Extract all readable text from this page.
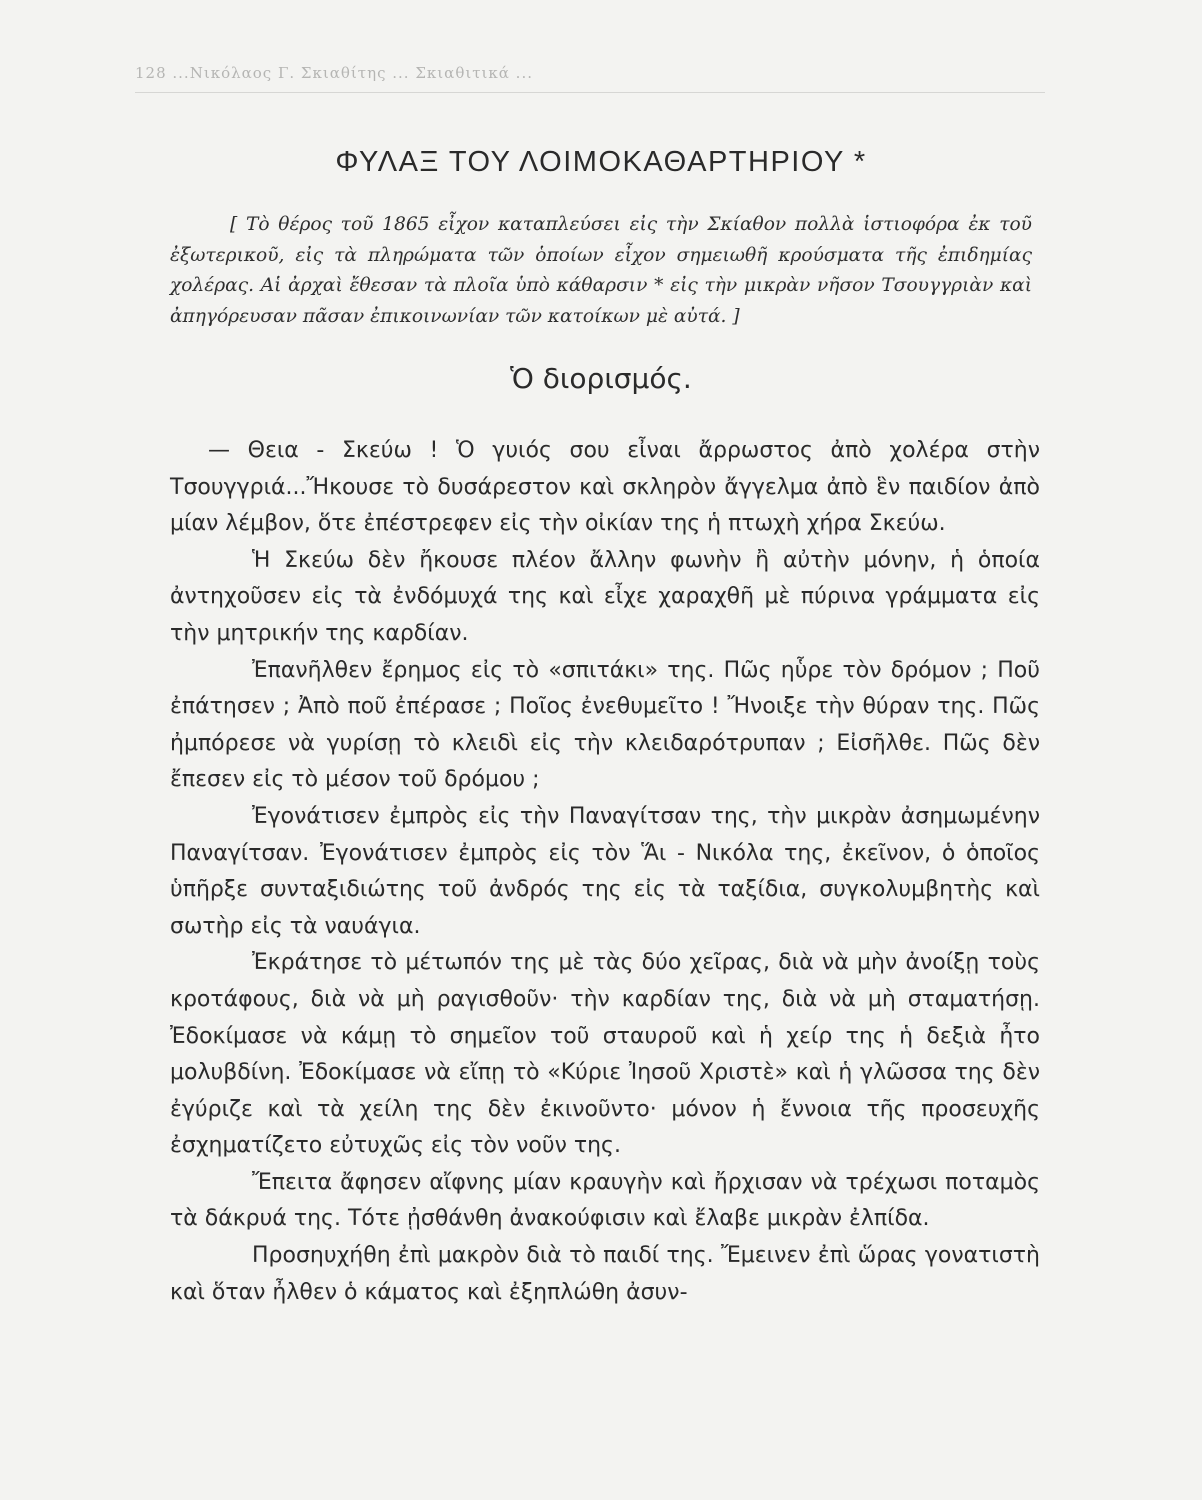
128 ...Νικόλαος Γ. Σκιαθίτης ... Σκιαθιτικά ...
ΦΥΛΑΞ ΤΟΥ ΛΟΙΜΟΚΑΘΑΡΤΗΡΙΟΥ *
[ Τὸ θέρος τοῦ 1865 εἶχον καταπλεύσει εἰς τὴν Σκίαθον πολλὰ ἱστιοφόρα ἐκ τοῦ ἐξωτερικοῦ, εἰς τὰ πληρώματα τῶν ὁποίων εἶχον σημειωθῆ κρούσματα τῆς ἐπιδημίας χολέρας. Αἱ ἀρχαὶ ἔθεσαν τὰ πλοῖα ὑπὸ κάθαρσιν * εἰς τὴν μικρὰν νῆσον Τσουγγριὰν καὶ ἀπηγόρευσαν πᾶσαν ἐπικοινωνίαν τῶν κατοίκων μὲ αὐτά. ]
Ὁ διορισμός.

— Θεια - Σκεύω ! Ὁ γυιός σου εἶναι ἄρρωστος ἀπὸ χολέρα στὴν Τσουγγριά...Ἤκουσε τὸ δυσάρεστον καὶ σκληρὸν ἄγγελμα ἀπὸ ἓν παιδίον ἀπὸ μίαν λέμβον, ὅτε ἐπέστρεφεν εἰς τὴν οἰκίαν της ἡ πτωχὴ χήρα Σκεύω.

Ἡ Σκεύω δὲν ἤκουσε πλέον ἄλλην φωνὴν ἢ αὐτὴν μόνην, ἡ ὁποία ἀντηχοῦσεν εἰς τὰ ἐνδόμυχά της καὶ εἶχε χαραχθῆ μὲ πύρινα γράμματα εἰς τὴν μητρικήν της καρδίαν.

Ἐπανῆλθεν ἔρημος εἰς τὸ «σπιτάκι» της. Πῶς ηὗρε τὸν δρόμον ; Ποῦ ἐπάτησεν ; Ἀπὸ ποῦ ἐπέρασε ; Ποῖος ἐνεθυμεῖτο ! Ἤνοιξε τὴν θύραν της. Πῶς ἠμπόρεσε νὰ γυρίσῃ τὸ κλειδὶ εἰς τὴν κλειδαρότρυπαν ; Εἰσῆλθε. Πῶς δὲν ἔπεσεν εἰς τὸ μέσον τοῦ δρόμου ;

Ἐγονάτισεν ἐμπρὸς εἰς τὴν Παναγίτσαν της, τὴν μικρὰν ἀσημωμένην Παναγίτσαν. Ἐγονάτισεν ἐμπρὸς εἰς τὸν Ἅι - Νικόλα της, ἐκεῖνον, ὁ ὁποῖος ὑπῆρξε συνταξιδιώτης τοῦ ἀνδρός της εἰς τὰ ταξίδια, συγκολυμβητὴς καὶ σωτὴρ εἰς τὰ ναυάγια.

Ἐκράτησε τὸ μέτωπόν της μὲ τὰς δύο χεῖρας, διὰ νὰ μὴν ἀνοίξῃ τοὺς κροτάφους, διὰ νὰ μὴ ραγισθοῦν· τὴν καρδίαν της, διὰ νὰ μὴ σταματήσῃ. Ἐδοκίμασε νὰ κάμῃ τὸ σημεῖον τοῦ σταυροῦ καὶ ἡ χείρ της ἡ δεξιὰ ἦτο μολυβδίνη. Ἐδοκίμασε νὰ εἴπῃ τὸ «Κύριε Ἰησοῦ Χριστὲ» καὶ ἡ γλῶσσα της δὲν ἐγύριζε καὶ τὰ χείλη της δὲν ἐκινοῦντο· μόνον ἡ ἔννοια τῆς προσευχῆς ἐσχηματίζετο εὐτυχῶς εἰς τὸν νοῦν της.

Ἔπειτα ἄφησεν αἴφνης μίαν κραυγὴν καὶ ἤρχισαν νὰ τρέχωσι ποταμὸς τὰ δάκρυά της. Τότε ᾐσθάνθη ἀνακούφισιν καὶ ἔλαβε μικρὰν ἐλπίδα.

Προσηυχήθη ἐπὶ μακρὸν διὰ τὸ παιδί της. Ἔμεινεν ἐπὶ ὥρας γονατιστὴ καὶ ὅταν ἦλθεν ὁ κάματος καὶ ἐξηπλώθη ἀσυν-
